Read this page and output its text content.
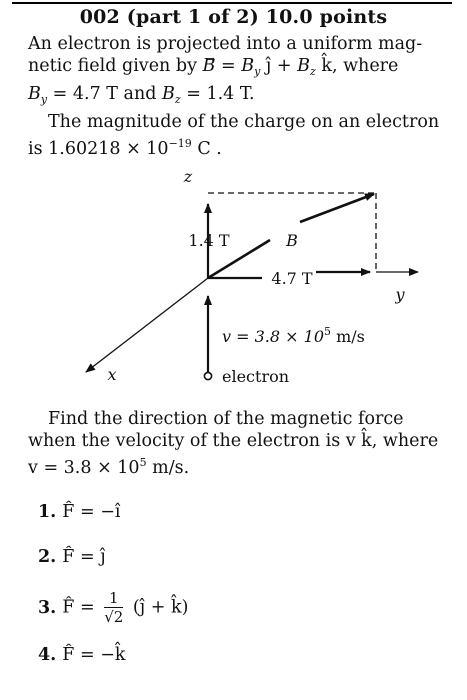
002 (part 1 of 2) 10.0 points

An electron is projected into a uniform mag-

netic field given by B⃗ = $B_y$ ĵ + $B_z$ k̂, where

$B_y = 4.7$ T and $B_z = 1.4$ T.

The magnitude of the charge on an electron

is $1.60218 \times 10^{-19}$ C .

z
1.4 T	B
4.7 T
y
$v = 3.8 \times 10^5$ m/s
x	electron

Find the direction of the magnetic force

when the velocity of the electron is v k̂, where

$v = 3.8 \times 10^5$ m/s.

1. F̂ = −î
2. F̂ = ĵ
3. F̂ = $\frac{1}{√2}$ (ĵ + k̂)
4. F̂ = −k̂
